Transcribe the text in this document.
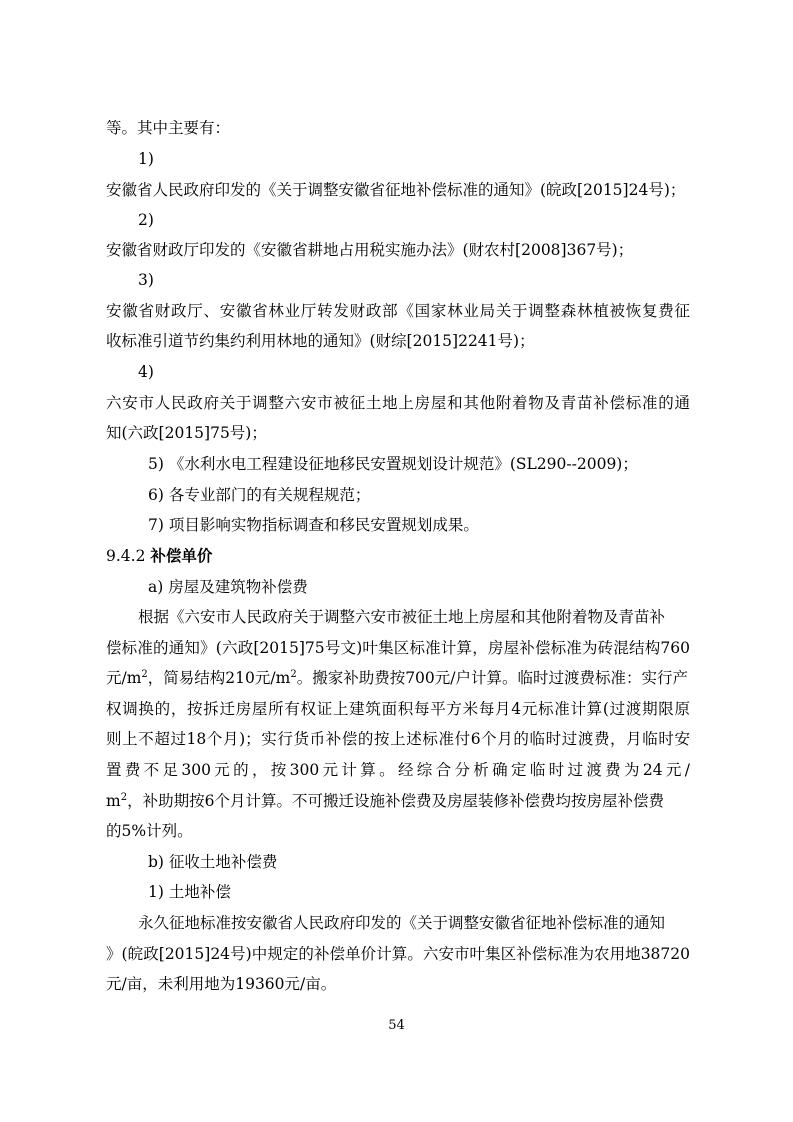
等。其中主要有：
1)
安徽省人民政府印发的《关于调整安徽省征地补偿标准的通知》(皖政[2015]24号)；
2)
安徽省财政厅印发的《安徽省耕地占用税实施办法》(财农村[2008]367号)；
3)
安徽省财政厅、安徽省林业厅转发财政部《国家林业局关于调整森林植被恢复费征
收标准引道节约集约利用林地的通知》(财综[2015]2241号)；
4)
六安市人民政府关于调整六安市被征土地上房屋和其他附着物及青苗补偿标准的通
知(六政[2015]75号)；
5) 《水利水电工程建设征地移民安置规划设计规范》(SL290--2009)；
6) 各专业部门的有关规程规范；
7) 项目影响实物指标调查和移民安置规划成果。
9.4.2 补偿单价
a) 房屋及建筑物补偿费
根据《六安市人民政府关于调整六安市被征土地上房屋和其他附着物及青苗补
偿标准的通知》(六政[2015]75号文)叶集区标准计算，房屋补偿标准为砖混结构760
元$/m^2$，简易结构210元$/m^2$。搬家补助费按700元/户计算。临时过渡费标准：实行产
权调换的，按拆迁房屋所有权证上建筑面积每平方米每月4元标准计算(过渡期限原
则上不超过18个月)；实行货币补偿的按上述标准付6个月的临时过渡费，月临时安
置费不足300元的，按300元计算。经综合分析确定临时过渡费为24元/
$m^2$，补助期按6个月计算。不可搬迁设施补偿费及房屋装修补偿费均按房屋补偿费
的5%计列。
b) 征收土地补偿费
1) 土地补偿
永久征地标准按安徽省人民政府印发的《关于调整安徽省征地补偿标准的通知
》(皖政[2015]24号)中规定的补偿单价计算。六安市叶集区补偿标准为农用地38720
元/亩，未利用地为19360元/亩。
54
